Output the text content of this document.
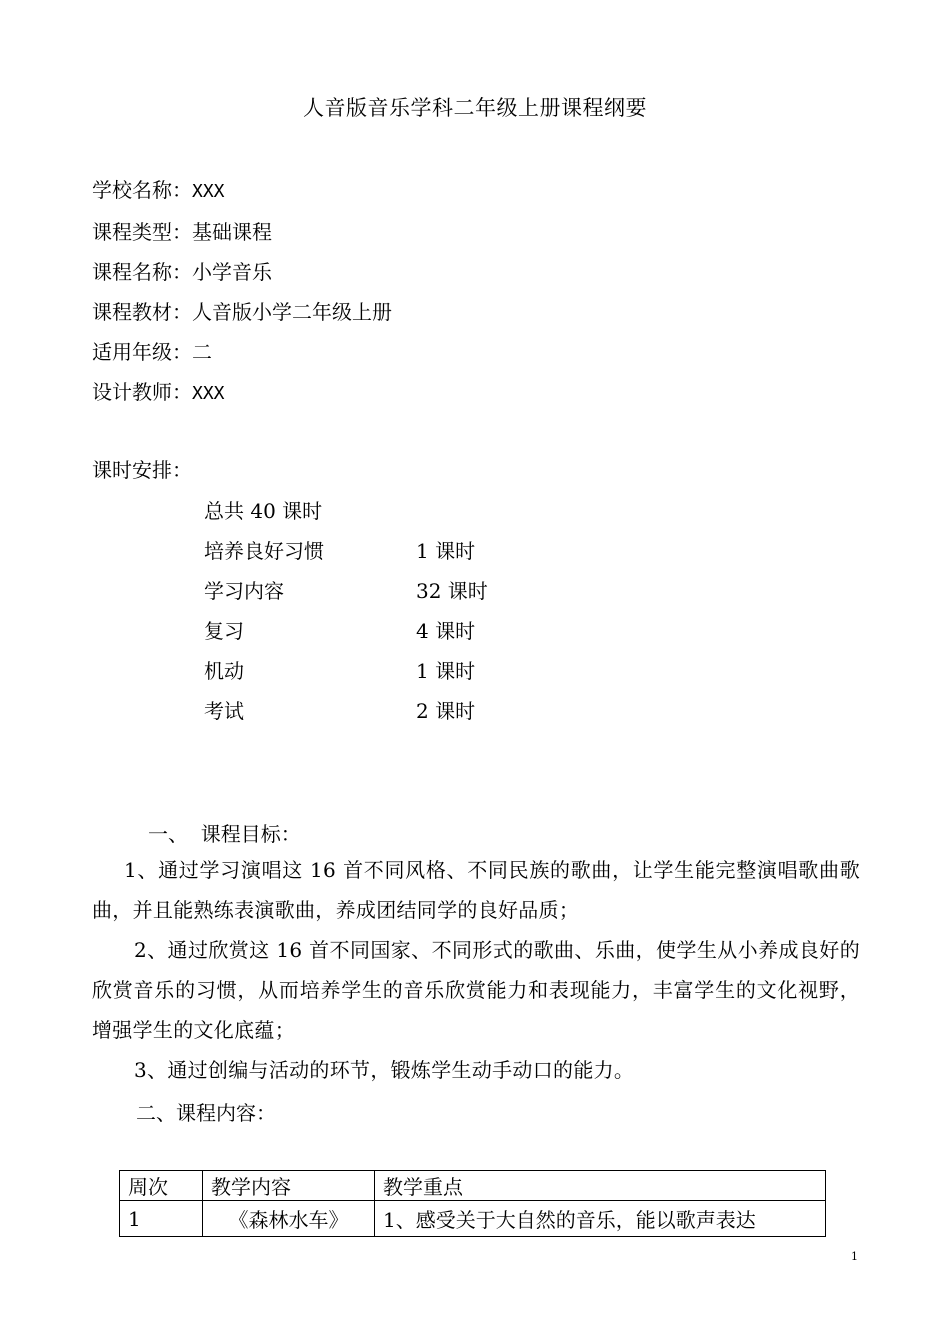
人音版音乐学科二年级上册课程纲要
学校名称：XXX
课程类型：基础课程
课程名称：小学音乐
课程教材：人音版小学二年级上册
适用年级：二
设计教师：XXX
课时安排：
总共 40 课时
培养良好习惯	1 课时
学习内容	32 课时
复习	4 课时
机动	1 课时
考试	2 课时
一、  课程目标：
1、通过学习演唱这 16 首不同风格、不同民族的歌曲，让学生能完整演唱歌曲歌曲，并且能熟练表演歌曲，养成团结同学的良好品质；
2、通过欣赏这 16 首不同国家、不同形式的歌曲、乐曲，使学生从小养成良好的欣赏音乐的习惯，从而培养学生的音乐欣赏能力和表现能力，丰富学生的文化视野，增强学生的文化底蕴；
3、通过创编与活动的环节，锻炼学生动手动口的能力。
二、课程内容：
周次	教学内容	教学重点
1	《森林水车》	1、感受关于大自然的音乐，能以歌声表达
1
